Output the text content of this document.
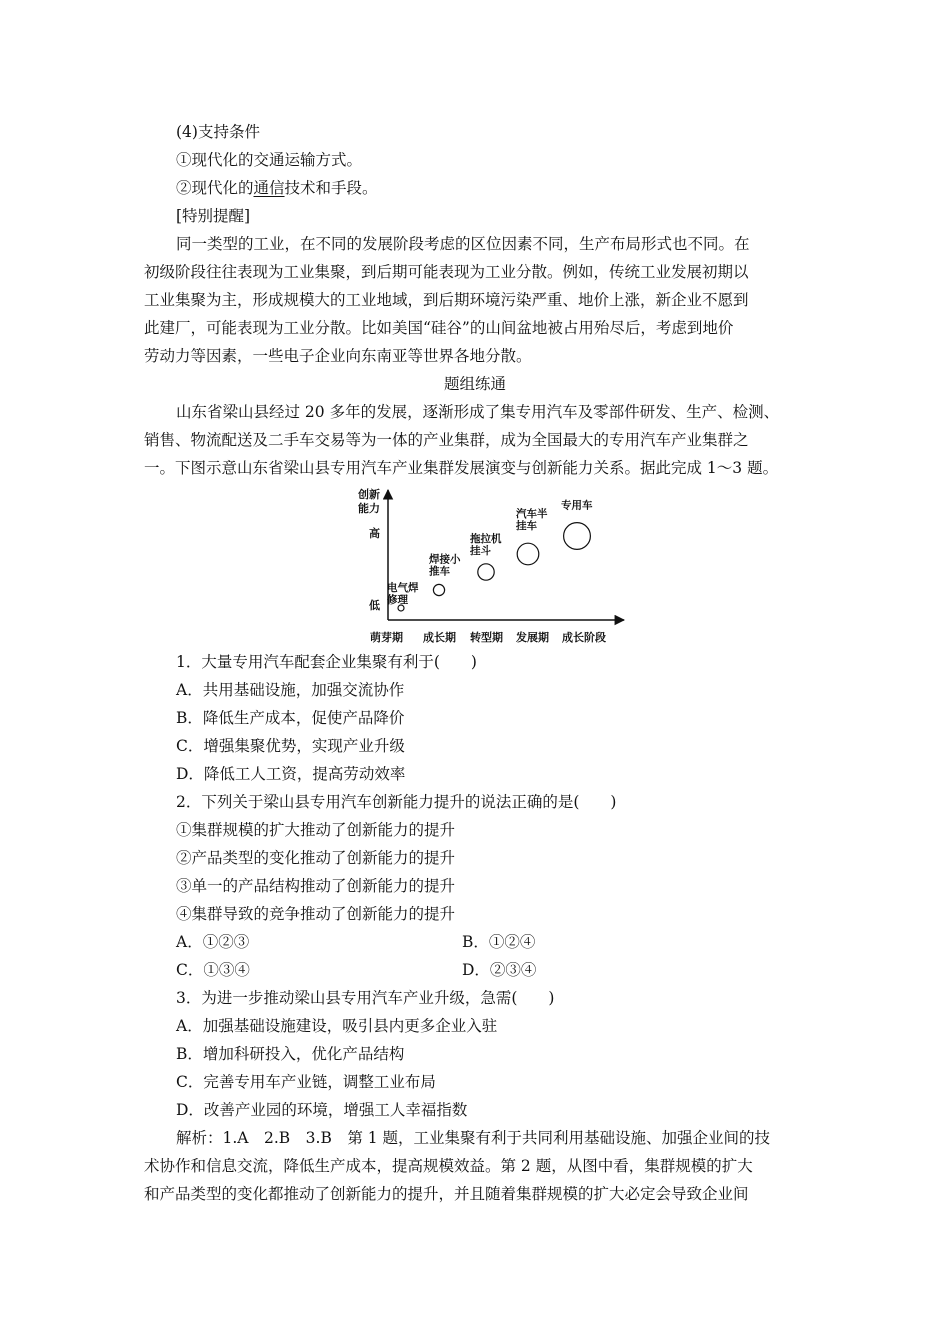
(4)支持条件
①现代化的交通运输方式。
②现代化的通信技术和手段。
[特别提醒]
同一类型的工业，在不同的发展阶段考虑的区位因素不同，生产布局形式也不同。在
初级阶段往往表现为工业集聚，到后期可能表现为工业分散。例如，传统工业发展初期以
工业集聚为主，形成规模大的工业地域，到后期环境污染严重、地价上涨，新企业不愿到
此建厂，可能表现为工业分散。比如美国“硅谷”的山间盆地被占用殆尽后，考虑到地价
劳动力等因素，一些电子企业向东南亚等世界各地分散。
题组练通
山东省梁山县经过 20 多年的发展，逐渐形成了集专用汽车及零部件研发、生产、检测、
销售、物流配送及二手车交易等为一体的产业集群，成为全国最大的专用汽车产业集群之
一。下图示意山东省梁山县专用汽车产业集群发展演变与创新能力关系。据此完成 1～3 题。
创新
能力
高
低
萌芽期 成长期 转型期 发展期 成长阶段
电气焊
修理
焊接小
推车
拖拉机
挂斗
汽车半
挂车
专用车
1．大量专用汽车配套企业集聚有利于(　　)
A．共用基础设施，加强交流协作
B．降低生产成本，促使产品降价
C．增强集聚优势，实现产业升级
D．降低工人工资，提高劳动效率
2．下列关于梁山县专用汽车创新能力提升的说法正确的是(　　)
①集群规模的扩大推动了创新能力的提升
②产品类型的变化推动了创新能力的提升
③单一的产品结构推动了创新能力的提升
④集群导致的竞争推动了创新能力的提升
A．①②③	B．①②④
C．①③④	D．②③④
3．为进一步推动梁山县专用汽车产业升级，急需(　　)
A．加强基础设施建设，吸引县内更多企业入驻
B．增加科研投入，优化产品结构
C．完善专用车产业链，调整工业布局
D．改善产业园的环境，增强工人幸福指数
解析：1.A　2.B　3.B　第 1 题，工业集聚有利于共同利用基础设施、加强企业间的技
术协作和信息交流，降低生产成本，提高规模效益。第 2 题，从图中看，集群规模的扩大
和产品类型的变化都推动了创新能力的提升，并且随着集群规模的扩大必定会导致企业间
